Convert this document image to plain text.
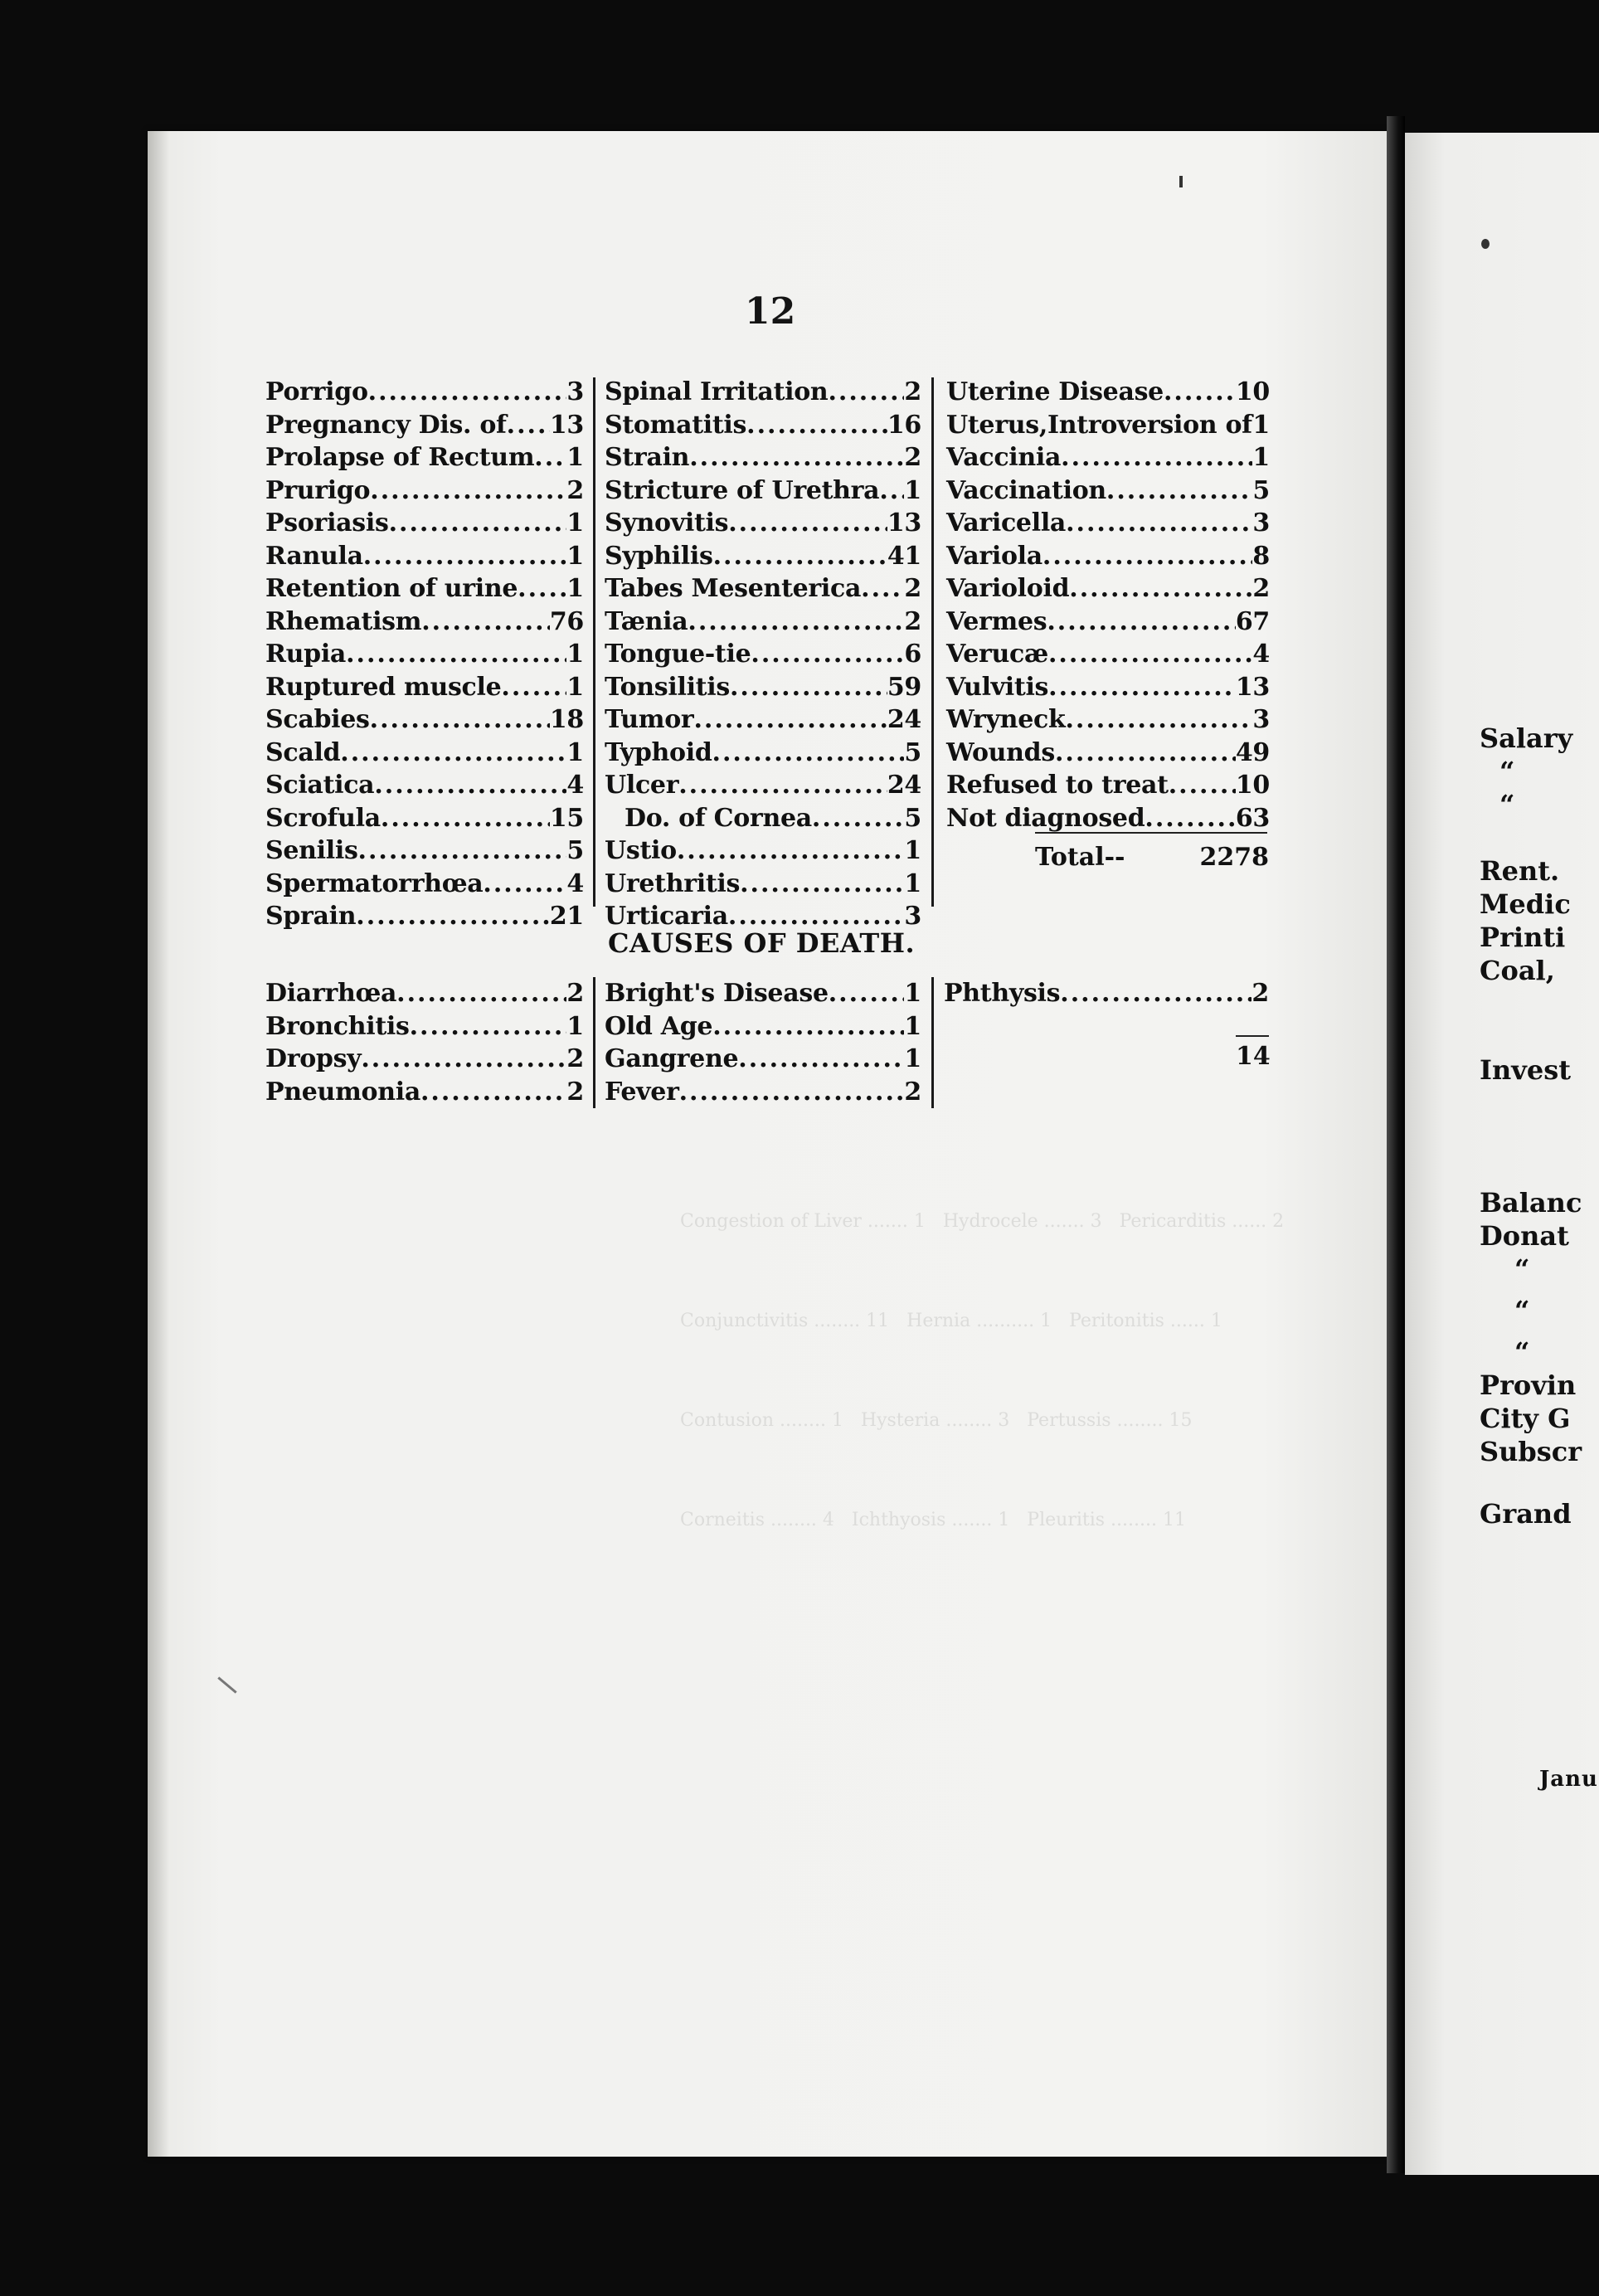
Congestion of Liver ....... 1   Hydrocele ....... 3   Pericarditis ...... 2
Conjunctivitis ........ 11   Hernia .......... 1   Peritonitis ...... 1
Contusion ........ 1   Hysteria ........ 3   Pertussis ........ 15
Corneitis ........ 4   Ichthyosis ....... 1   Pleuritis ........ 11
12
Porrigo .....	3
Pregnancy Dis. of ..... 13
Prolapse of Rectum ..... 1
Prurigo .....	2
Psoriasis .....	1
Ranula .....	1
Retention of urine ..... 1
Rhematism .....	76
Rupia .....	1
Ruptured muscle .....	1
Scabies .....	18
Scald .....	1
Sciatica .....	4
Scrofula .....	15
Senilis .....	5
Spermatorrhœa .....	4
Sprain .....	21
Spinal Irritation .....	2
Stomatitis .....	16
Strain .....	2
Stricture of Urethra ..... 1
Synovitis .....	13
Syphilis .....	41
Tabes Mesenterica ..... 2
Tænia .....	2
Tongue-tie .....	6
Tonsilitis .....	59
Tumor .....	24
Typhoid .....	5
Ulcer .....	24
Do. of Cornea .....	5
Ustio .....	1
Urethritis .....	1
Urticaria .....	3
Uterine Disease .....	10
Uterus,Introversion of ..... 1
Vaccinia .....	1
Vaccination .....	5
Varicella .....	3
Variola .....	8
Varioloid .....	2
Vermes .....	67
Verucæ .....	4
Vulvitis .....	13
Wryneck .....	3
Wounds .....	49
Refused to treat .....	10
Not diagnosed .....	63
Total--	2278
CAUSES OF DEATH.
Diarrhœa .....	2
Bronchitis .....	1
Dropsy .....	2
Pneumonia .....	2
Bright's Disease .....	1
Old Age .....	1
Gangrene .....	1
Fever .....	2
Phthysis .....	2
14
Salary
“
“
Rent.
Medic
Printi
Coal,
Invest
Balanc
Donat
“
“
“
Provin
City G
Subscr
Grand
Janu
